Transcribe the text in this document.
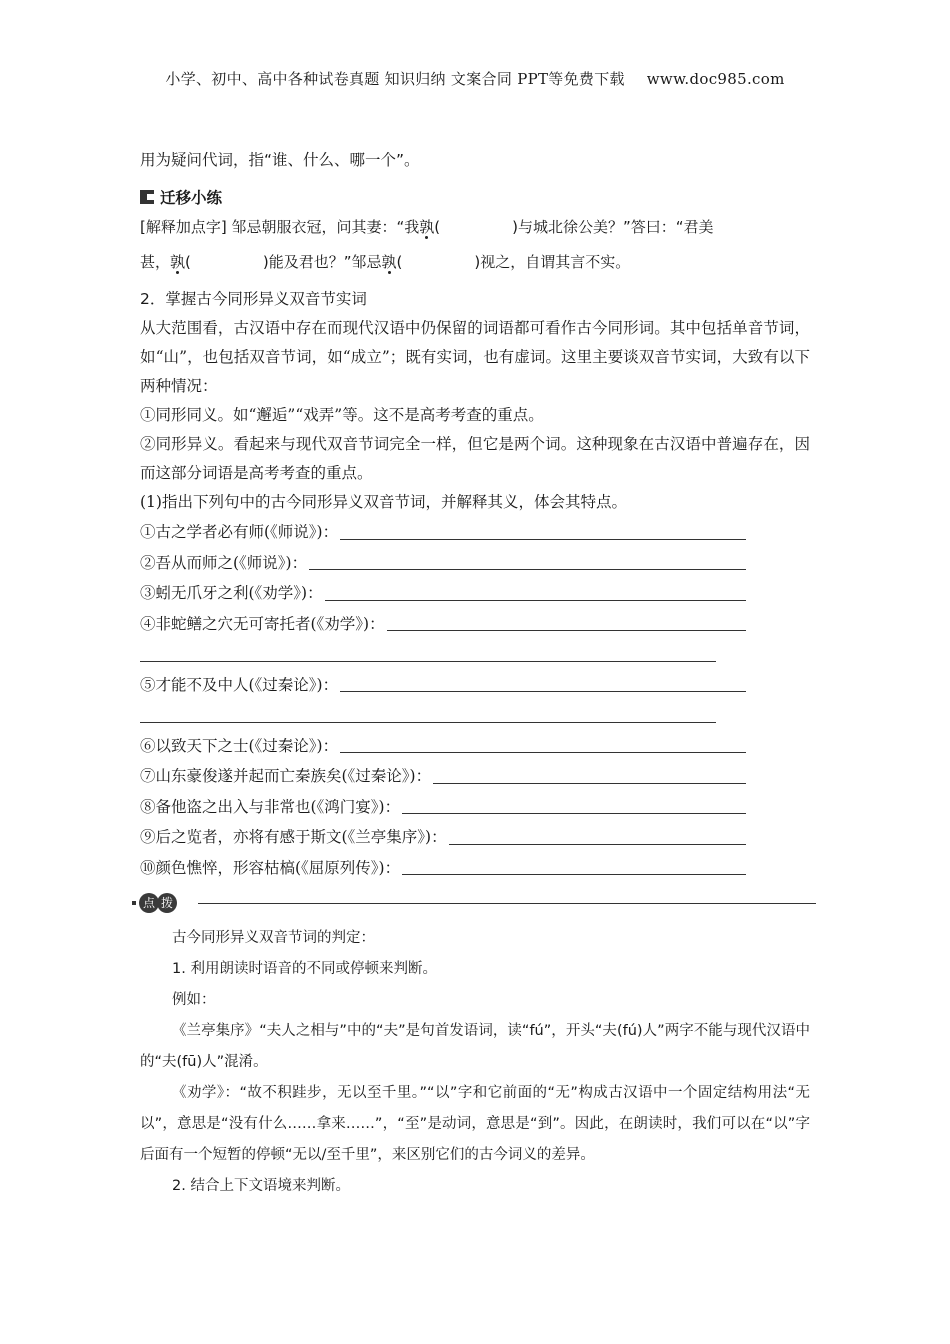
小学、初中、高中各种试卷真题 知识归纳 文案合同 PPT等免费下载 www.doc985.com
用为疑问代词，指“谁、什么、哪一个”。
迁移小练
[解释加点字] 邹忌朝服衣冠，问其妻：“我孰(	)与城北徐公美？”答曰：“君美
甚，孰(	)能及君也？”邹忌孰(	)视之，自谓其言不实。
2．掌握古今同形异义双音节实词
从大范围看，古汉语中存在而现代汉语中仍保留的词语都可看作古今同形词。其中包括单音节词，如“山”，也包括双音节词，如“成立”；既有实词，也有虚词。这里主要谈双音节实词，大致有以下两种情况：
①同形同义。如“邂逅”“戏弄”等。这不是高考考查的重点。
②同形异义。看起来与现代双音节词完全一样，但它是两个词。这种现象在古汉语中普遍存在，因而这部分词语是高考考查的重点。
(1)指出下列句中的古今同形异义双音节词，并解释其义，体会其特点。
①古之学者必有师(《师说》)：
②吾从而师之(《师说》)：
③蚓无爪牙之利(《劝学》)：
④非蛇鳝之穴无可寄托者(《劝学》)：
⑤才能不及中人(《过秦论》)：
⑥以致天下之士(《过秦论》)：
⑦山东豪俊遂并起而亡秦族矣(《过秦论》)：
⑧备他盗之出入与非常也(《鸿门宴》)：
⑨后之览者，亦将有感于斯文(《兰亭集序》)：
⑩颜色憔悴，形容枯槁(《屈原列传》)：
点 拨

古今同形异义双音节词的判定：

1. 利用朗读时语音的不同或停顿来判断。

例如：

《兰亭集序》“夫人之相与”中的“夫”是句首发语词，读“fú”，开头“夫(fú)人”两字不能与现代汉语中的“夫(fū)人”混淆。

《劝学》：“故不积跬步，无以至千里。”“以”字和它前面的“无”构成古汉语中一个固定结构用法“无以”，意思是“没有什么……拿来……”，“至”是动词，意思是“到”。因此，在朗读时，我们可以在“以”字后面有一个短暂的停顿“无以/至千里”，来区别它们的古今词义的差异。

2. 结合上下文语境来判断。
